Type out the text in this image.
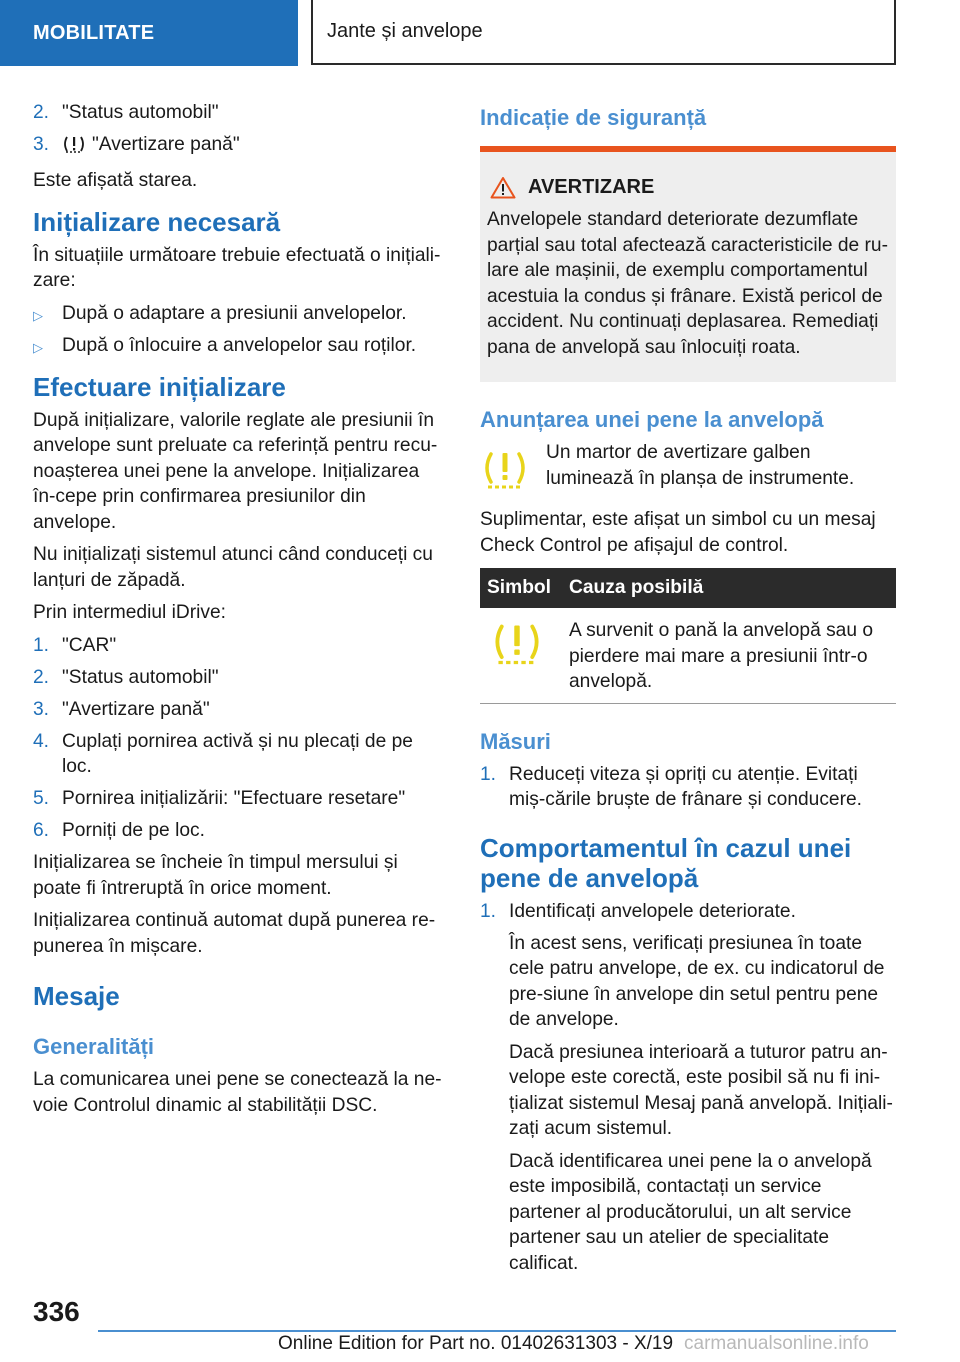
MOBILITATE	Jante și anvelope
2. "Status automobil"
3. "Avertizare pană"

Este afișată starea.

Inițializare necesară

În situațiile următoare trebuie efectuată o inițiali-zare:

▷ După o adaptare a presiunii anvelopelor.
▷ După o înlocuire a anvelopelor sau roților.
Efectuare inițializare

După inițializare, valorile reglate ale presiunii în anvelope sunt preluate ca referință pentru recu-noașterea unei pene la anvelope. Inițializarea în-cepe prin confirmarea presiunilor din anvelope.

Nu inițializați sistemul atunci când conduceți cu lanțuri de zăpadă.

Prin intermediul iDrive:

1. "CAR"
2. "Status automobil"
3. "Avertizare pană"
4. Cuplați pornirea activă și nu plecați de pe loc.
5. Pornirea inițializării: "Efectuare resetare"
6. Porniți de pe loc.

Inițializarea se încheie în timpul mersului și poate fi întreruptă în orice moment.

Inițializarea continuă automat după punerea re-punerea în mișcare.

Mesaje
Generalități

La comunicarea unei pene se conectează la ne-voie Controlul dinamic al stabilității DSC.

Indicație de siguranță
AVERTIZARE

Anvelopele standard deteriorate dezumflate parțial sau total afectează caracteristicile de ru-lare ale mașinii, de exemplu comportamentul acestuia la condus și frânare. Există pericol de accident. Nu continuați deplasarea. Remediați pana de anvelopă sau înlocuiți roata.

Anunțarea unei pene la anvelopă

Un martor de avertizare galben luminează în planșa de instrumente.

Suplimentar, este afișat un simbol cu un mesaj Check Control pe afișajul de control.

Simbol	Cauza posibilă
	A survenit o pană la anvelopă sau o pierdere mai mare a presiunii într-o anvelopă.
Măsuri
1. Reduceți viteza și opriți cu atenție. Evitați miș-cările bruște de frânare și conducere.
Comportamentul în cazul unei pene de anvelopă
1. Identificați anvelopele deteriorate.

În acest sens, verificați presiunea în toate cele patru anvelope, de ex. cu indicatorul de pre-siune în anvelope din setul pentru pene de anvelope.

Dacă presiunea interioară a tuturor patru an-velope este corectă, este posibil să nu fi ini-țializat sistemul Mesaj pană anvelopă. Inițiali-zați acum sistemul.

Dacă identificarea unei pene la o anvelopă este imposibilă, contactați un service partener al producătorului, un alt service partener sau un atelier de specialitate calificat.

336
Online Edition for Part no. 01402631303 - X/19 carmanualsonline.info
